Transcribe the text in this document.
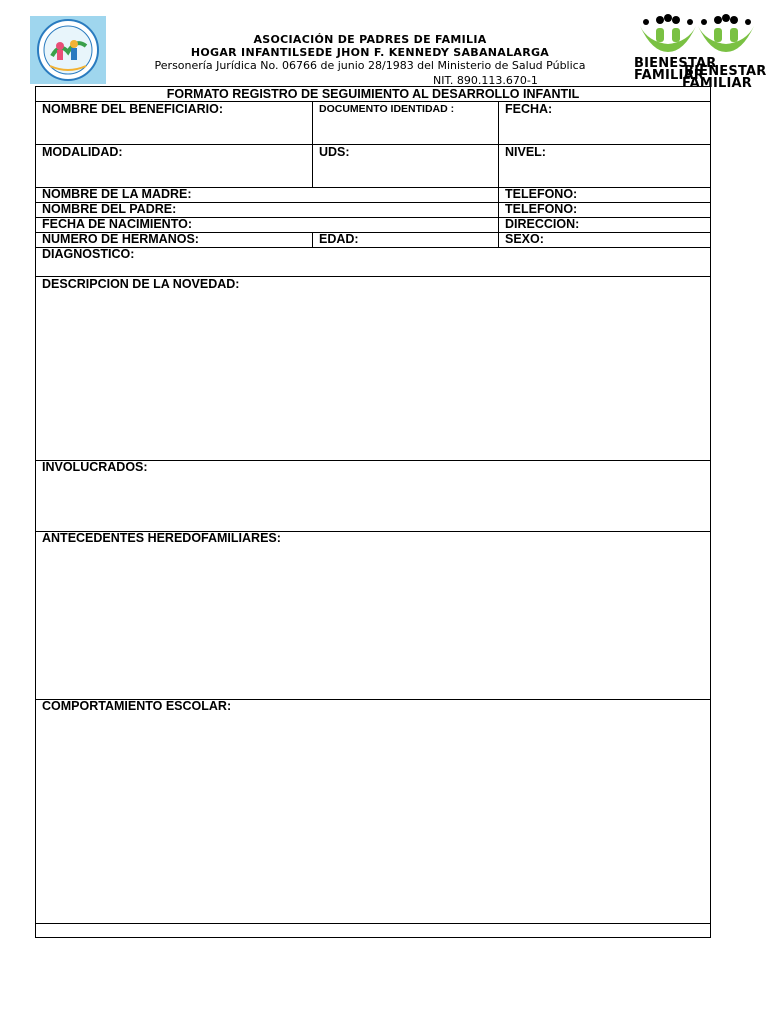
ASOCIACIÓN DE PADRES DE FAMILIA
HOGAR INFANTILSEDE JHON F. KENNEDY SABANALARGA
Personería Jurídica No. 06766 de junio 28/1983 del Ministerio de Salud Pública
NIT. 890.113.670-1
BIENESTAR
FAMILIAR
BIENESTAR
FAMILIAR
FORMATO REGISTRO DE SEGUIMIENTO AL DESARROLLO INFANTIL
NOMBRE DEL BENEFICIARIO:	DOCUMENTO IDENTIDAD :	FECHA:
MODALIDAD:	UDS:	NIVEL:
NOMBRE DE LA MADRE:	TELEFONO:
NOMBRE DEL PADRE:	TELEFONO:
FECHA DE NACIMIENTO:	DIRECCION:
NUMERO DE HERMANOS:	EDAD:	SEXO:
DIAGNOSTICO:
DESCRIPCION DE LA NOVEDAD:
INVOLUCRADOS:
ANTECEDENTES HEREDOFAMILIARES:
COMPORTAMIENTO ESCOLAR:
